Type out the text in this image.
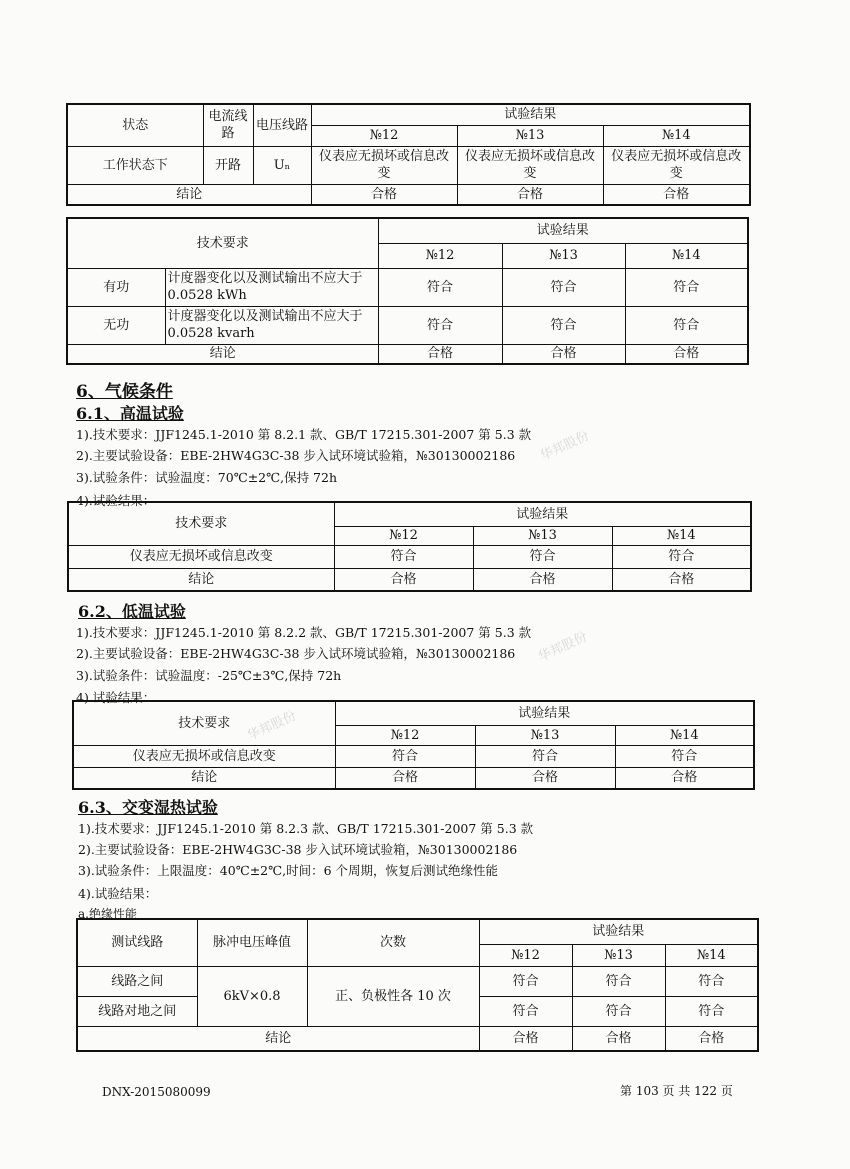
状态	电流线路	电压线路	试验结果		
			№12	№13	№14
工作状态下	开路	Uₙ	仪表应无损坏或信息改变	仪表应无损坏或信息改变	仪表应无损坏或信息改变
结论			合格	合格	合格
技术要求		试验结果		
		№12	№13	№14
有功	计度器变化以及测试输出不应大于 0.0528 kWh	符合	符合	符合
无功	计度器变化以及测试输出不应大于 0.0528 kvarh	符合	符合	符合
结论		合格	合格	合格
6、气候条件
6.1、高温试验
1).技术要求：JJF1245.1-2010 第 8.2.1 款、GB/T 17215.301-2007 第 5.3 款
2).主要试验设备：EBE-2HW4G3C-38 步入试环境试验箱，№30130002186
3).试验条件：试验温度：70℃±2℃,保持 72h
4).试验结果：
技术要求	试验结果		
	№12	№13	№14
仪表应无损坏或信息改变	符合	符合	符合
结论	合格	合格	合格
6.2、低温试验
1).技术要求：JJF1245.1-2010 第 8.2.2 款、GB/T 17215.301-2007 第 5.3 款
2).主要试验设备：EBE-2HW4G3C-38 步入试环境试验箱，№30130002186
3).试验条件：试验温度：-25℃±3℃,保持 72h
4).试验结果：
技术要求	试验结果		
	№12	№13	№14
仪表应无损坏或信息改变	符合	符合	符合
结论	合格	合格	合格
6.3、交变湿热试验
1).技术要求：JJF1245.1-2010 第 8.2.3 款、GB/T 17215.301-2007 第 5.3 款
2).主要试验设备：EBE-2HW4G3C-38 步入试环境试验箱，№30130002186
3).试验条件：上限温度：40℃±2℃,时间：6 个周期，恢复后测试绝缘性能
4).试验结果：
a.绝缘性能
测试线路	脉冲电压峰值	次数	试验结果		
			№12	№13	№14
线路之间	6kV×0.8	正、负极性各 10 次	符合	符合	符合
线路对地之间			符合	符合	符合
结论			合格	合格	合格
华邦股份
华邦股份
华邦股份
DNX-2015080099	第 103 页 共 122 页
